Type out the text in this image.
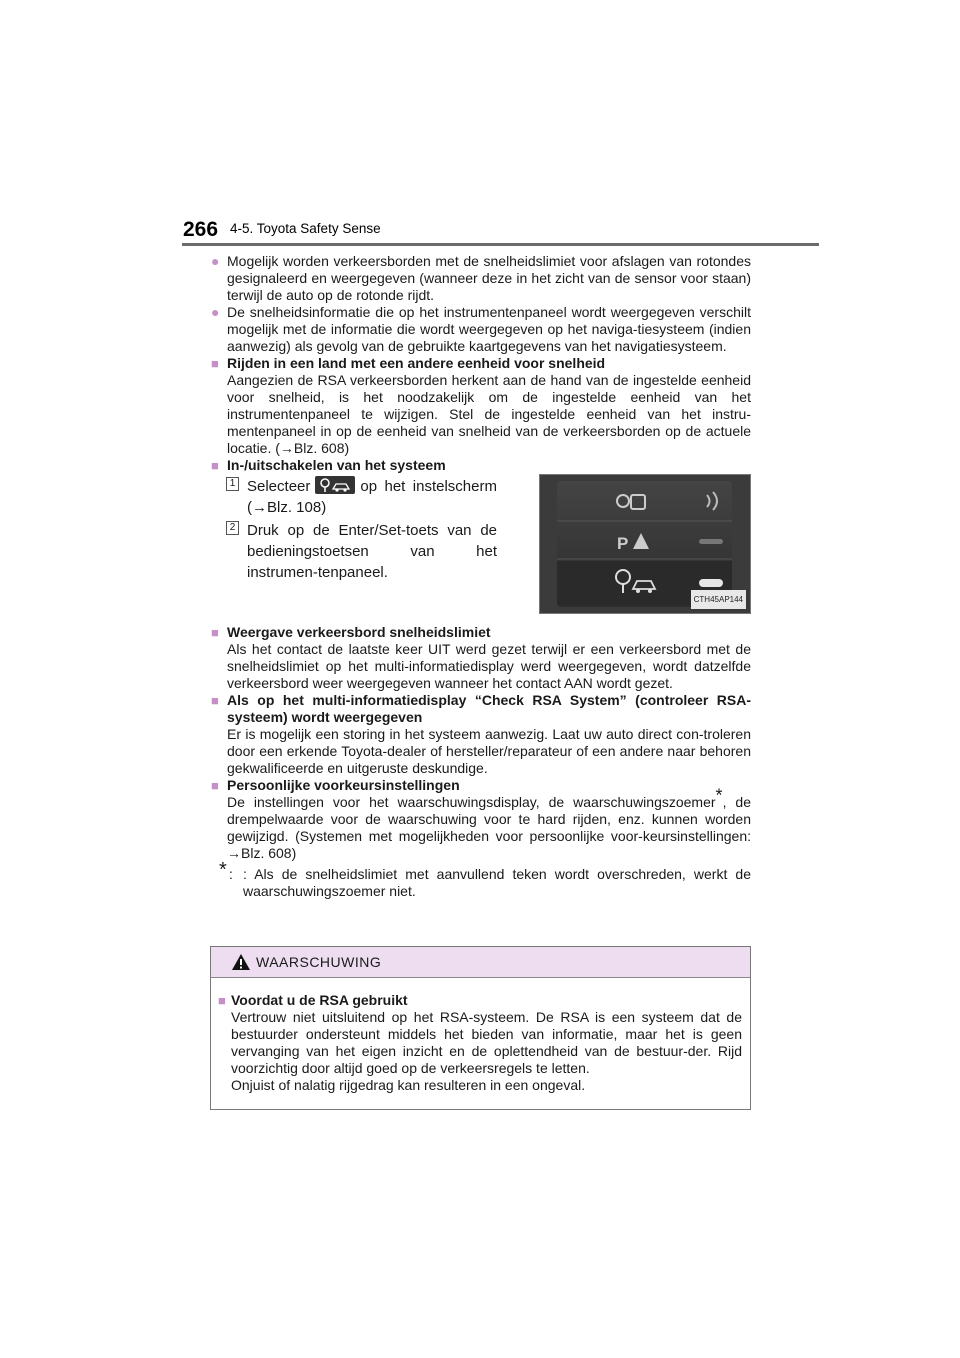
266 4-5. Toyota Safety Sense
● Mogelijk worden verkeersborden met de snelheidslimiet voor afslagen van rotondes gesignaleerd en weergegeven (wanneer deze in het zicht van de sensor voor staan) terwijl de auto op de rotonde rijdt.
● De snelheidsinformatie die op het instrumentenpaneel wordt weergegeven verschilt mogelijk met de informatie die wordt weergegeven op het naviga-tiesysteem (indien aanwezig) als gevolg van de gebruikte kaartgegevens van het navigatiesysteem.
■ Rijden in een land met een andere eenheid voor snelheid

Aangezien de RSA verkeersborden herkent aan de hand van de ingestelde eenheid voor snelheid, is het noodzakelijk om de ingestelde eenheid van het instrumentenpaneel te wijzigen. Stel de ingestelde eenheid van het instru-mentenpaneel in op de eenheid van snelheid van de verkeersborden op de actuele locatie. (→Blz. 608)

■ In-/uitschakelen van het systeem
1 Selecteer	op het instelscherm (→Blz. 108)
2 Druk op de Enter/Set-toets van de bedieningstoetsen van het instrumen-tenpaneel.
P
CTH45AP144
■ Weergave verkeersbord snelheidslimiet

Als het contact de laatste keer UIT werd gezet terwijl er een verkeersbord met de snelheidslimiet op het multi-informatiedisplay werd weergegeven, wordt datzelfde verkeersbord weer weergegeven wanneer het contact AAN wordt gezet.

■ Als op het multi-informatiedisplay “Check RSA System” (controleer RSA-systeem) wordt weergegeven

Er is mogelijk een storing in het systeem aanwezig. Laat uw auto direct con-troleren door een erkende Toyota-dealer of hersteller/reparateur of een andere naar behoren gekwalificeerde en uitgeruste deskundige.

■ Persoonlijke voorkeursinstellingen

De instellingen voor het waarschuwingsdisplay, de waarschuwingszoemer*, de drempelwaarde voor de waarschuwing voor te hard rijden, enz. kunnen worden gewijzigd. (Systemen met mogelijkheden voor persoonlijke voor-keursinstellingen: →Blz. 608)

* : : Als de snelheidslimiet met aanvullend teken wordt overschreden, werkt de waarschuwingszoemer niet.
WAARSCHUWING
■ Voordat u de RSA gebruikt
Vertrouw niet uitsluitend op het RSA-systeem. De RSA is een systeem dat de bestuurder ondersteunt middels het bieden van informatie, maar het is geen vervanging van het eigen inzicht en de oplettendheid van de bestuur-der. Rijd voorzichtig door altijd goed op de verkeersregels te letten.
Onjuist of nalatig rijgedrag kan resulteren in een ongeval.
